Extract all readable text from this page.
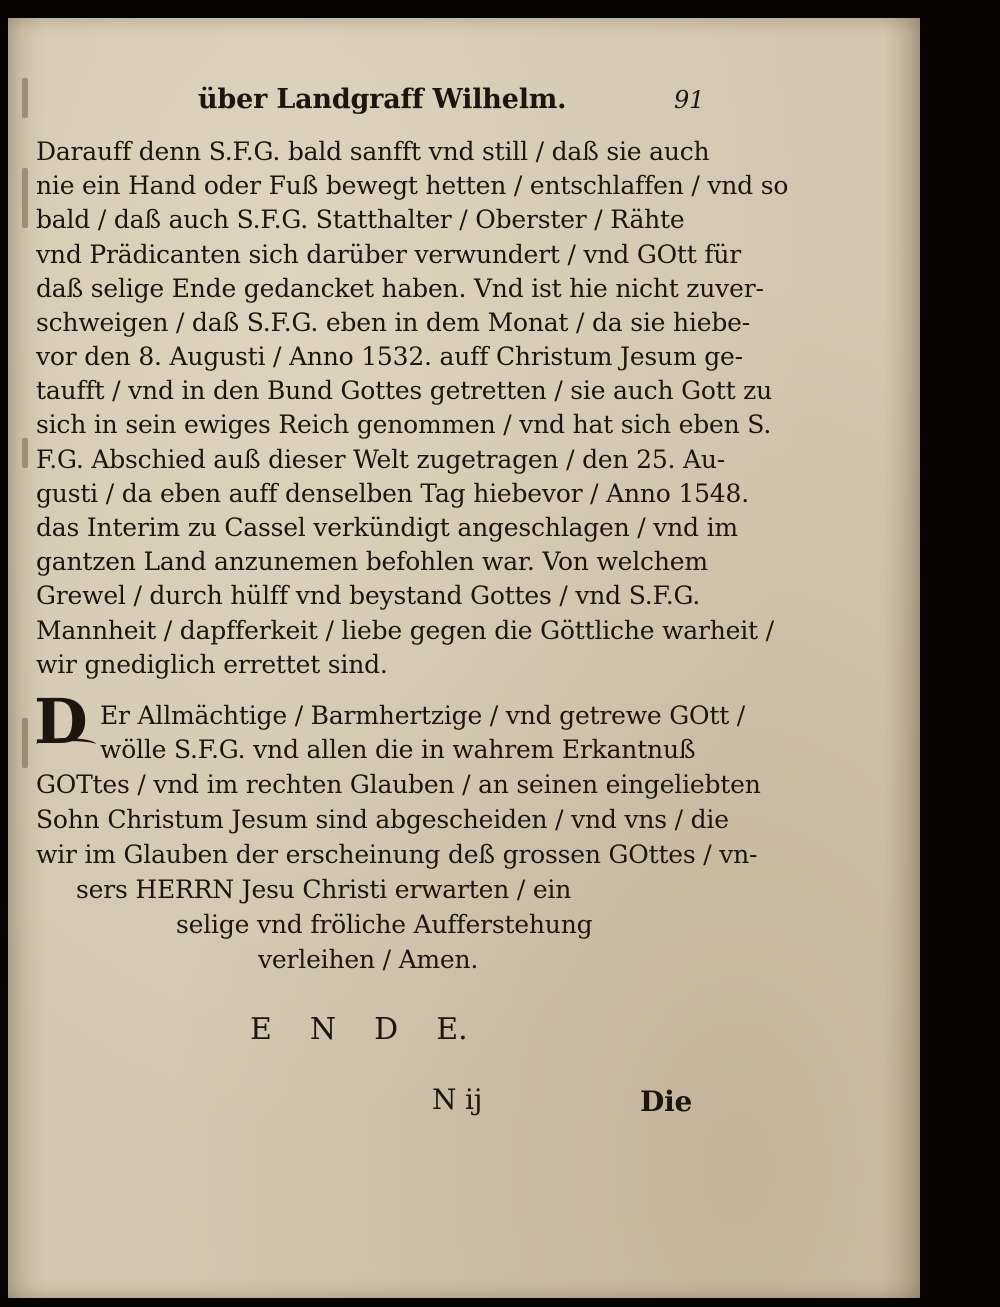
über Landgraff Wilhelm.	91
Darauff denn S.F.G. bald sanfft vnd still / daß sie auch
nie ein Hand oder Fuß bewegt hetten / entschlaffen / vnd so
bald / daß auch S.F.G. Statthalter / Oberster / Rähte
vnd Prädicanten sich darüber verwundert / vnd GOtt für
daß selige Ende gedancket haben. Vnd ist hie nicht zuver-
schweigen / daß S.F.G. eben in dem Monat / da sie hiebe-
vor den 8. Augusti / Anno 1532. auff Christum Jesum ge-
taufft / vnd in den Bund Gottes getretten / sie auch Gott zu
sich in sein ewiges Reich genommen / vnd hat sich eben S.
F.G. Abschied auß dieser Welt zugetragen / den 25. Au-
gusti / da eben auff denselben Tag hiebevor / Anno 1548.
das Interim zu Cassel verkündigt angeschlagen / vnd im
gantzen Land anzunemen befohlen war. Von welchem
Grewel / durch hülff vnd beystand Gottes / vnd S.F.G.
Mannheit / dapfferkeit / liebe gegen die Göttliche warheit /
wir gnediglich errettet sind.
D Er Allmächtige / Barmhertzige / vnd getrewe GOtt /
wölle S.F.G. vnd allen die in wahrem Erkantnuß
GOTtes / vnd im rechten Glauben / an seinen eingeliebten
Sohn Christum Jesum sind abgescheiden / vnd vns / die
wir im Glauben der erscheinung deß grossen GOttes / vn-
sers HERRN Jesu Christi erwarten / ein
selige vnd fröliche Aufferstehung
verleihen / Amen.
E N D E.
N ij	Die
